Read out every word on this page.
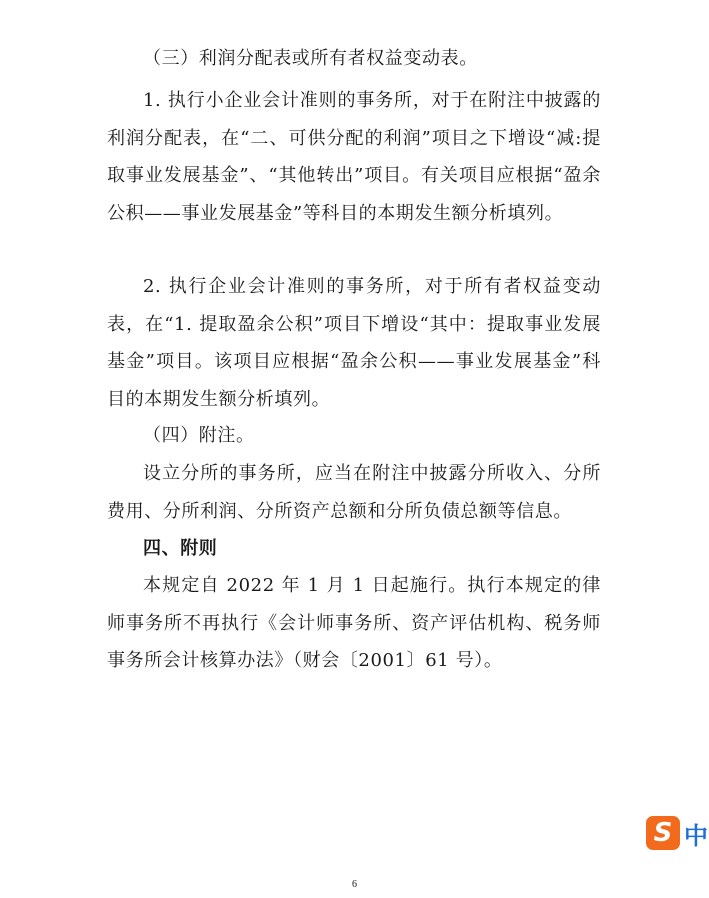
（三）利润分配表或所有者权益变动表。

1. 执行小企业会计准则的事务所，对于在附注中披露的利润分配表，在“二、可供分配的利润”项目之下增设“减:提取事业发展基金”、“其他转出”项目。有关项目应根据“盈余公积——事业发展基金”等科目的本期发生额分析填列。

2. 执行企业会计准则的事务所，对于所有者权益变动表，在“1. 提取盈余公积”项目下增设“其中：提取事业发展基金”项目。该项目应根据“盈余公积——事业发展基金”科目的本期发生额分析填列。

（四）附注。

设立分所的事务所，应当在附注中披露分所收入、分所费用、分所利润、分所资产总额和分所负债总额等信息。

四、附则

本规定自 2022 年 1 月 1 日起施行。执行本规定的律师事务所不再执行《会计师事务所、资产评估机构、税务师事务所会计核算办法》（财会〔2001〕61 号）。

6
S 中
